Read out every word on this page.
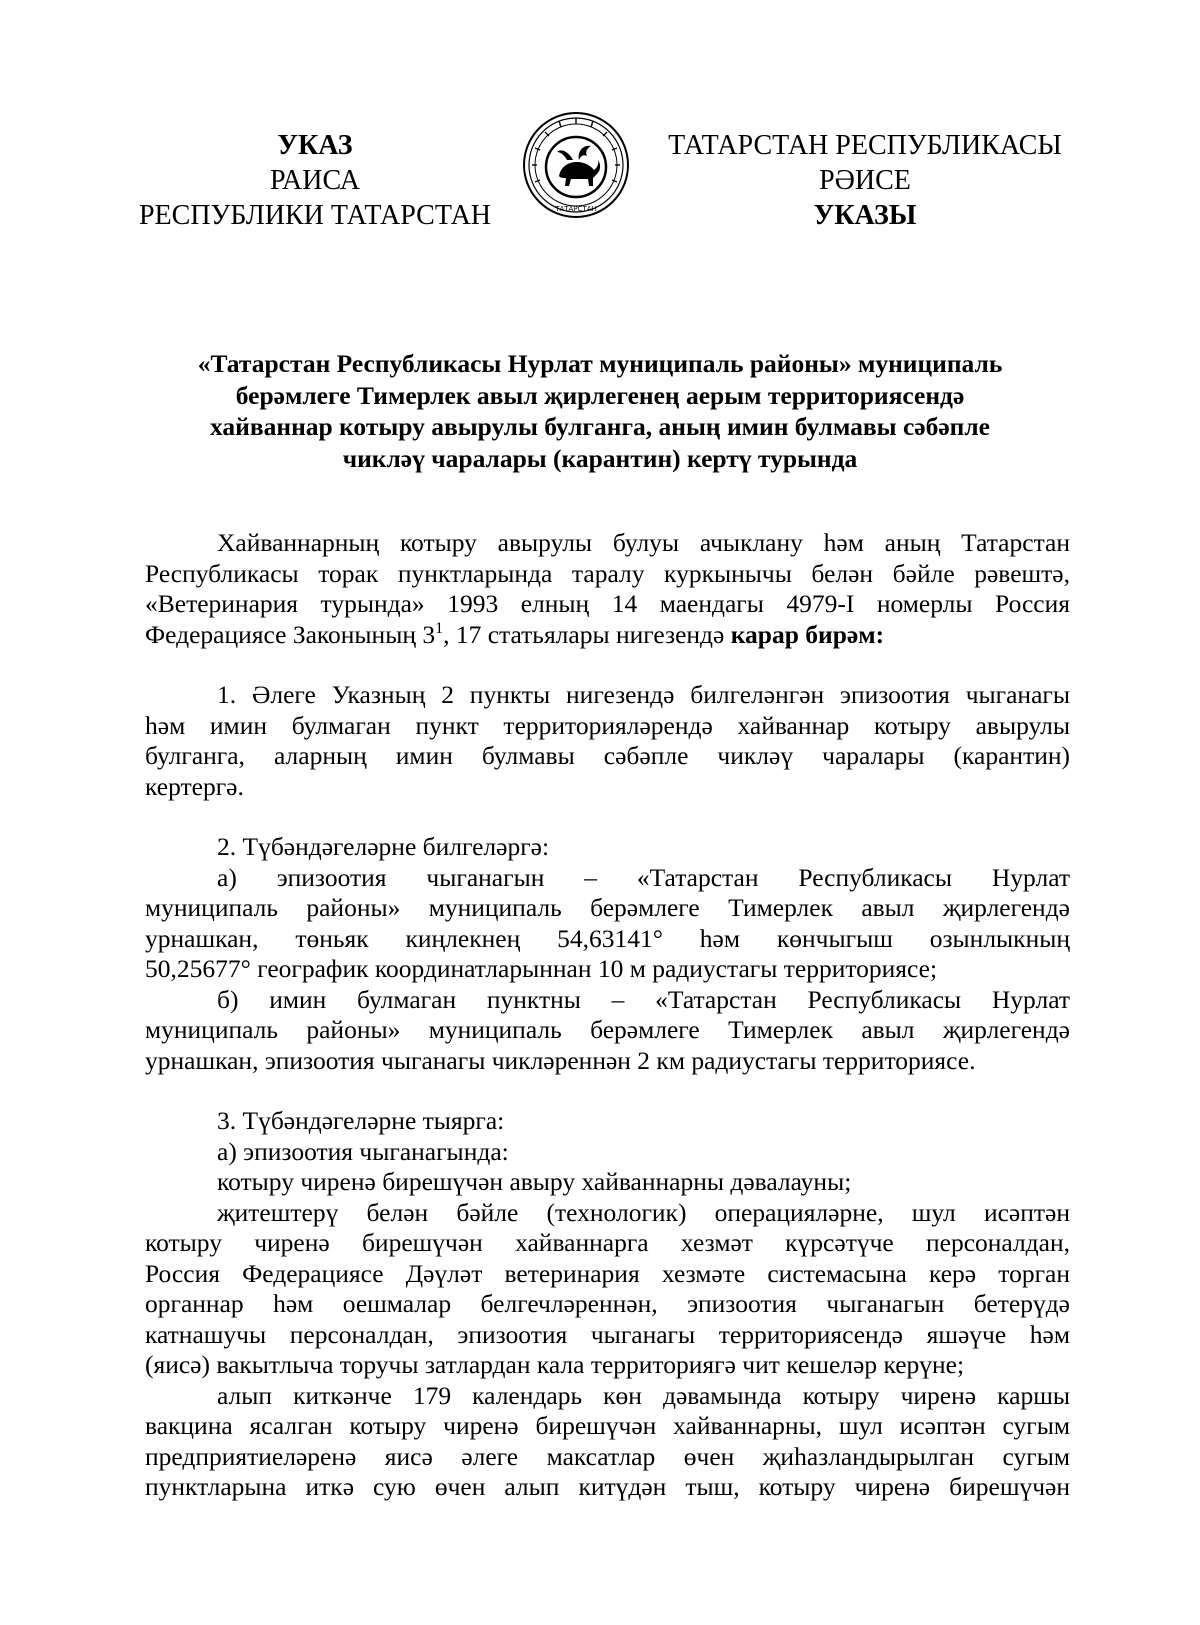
УКАЗ
РАИСА
РЕСПУБЛИКИ ТАТАРСТАН	ТАТАРСТАН
ТАТАРСТАН РЕСПУБЛИКАСЫ
РӘИСЕ
УКАЗЫ
«Татарстан Республикасы Нурлат муниципаль районы» муниципаль
берәмлеге Тимерлек авыл җирлегенең аерым территориясендә
хайваннар котыру авырулы булганга, аның имин булмавы сәбәпле
чикләү чаралары (карантин) кертү турында
Хайваннарның котыру авырулы булуы ачыклану һәм аның Татарстан
Республикасы торак пунктларында таралу куркынычы белән бәйле рәвештә,
«Ветеринария турында» 1993 елның 14 маендагы 4979-I номерлы Россия
Федерациясе Законының $3^1$, 17 статьялары нигезендә карар бирәм:
1. Әлеге Указның 2 пункты нигезендә билгеләнгән эпизоотия чыганагы
һәм имин булмаган пункт территорияләрендә хайваннар котыру авырулы
булганга, аларның имин булмавы сәбәпле чикләү чаралары (карантин)
кертергә.
2. Түбәндәгеләрне билгеләргә:
а) эпизоотия чыганагын – «Татарстан Республикасы Нурлат
муниципаль районы» муниципаль берәмлеге Тимерлек авыл җирлегендә
урнашкан, төньяк киңлекнең 54,63141° һәм көнчыгыш озынлыкның
50,25677° географик координатларыннан 10 м радиустагы территориясе;
б) имин булмаган пунктны – «Татарстан Республикасы Нурлат
муниципаль районы» муниципаль берәмлеге Тимерлек авыл җирлегендә
урнашкан, эпизоотия чыганагы чикләреннән 2 км радиустагы территориясе.
3. Түбәндәгеләрне тыярга:
а) эпизоотия чыганагында:
котыру чиренә бирешүчән авыру хайваннарны дәвалауны;
җитештерү белән бәйле (технологик) операцияләрне, шул исәптән
котыру чиренә бирешүчән хайваннарга хезмәт күрсәтүче персоналдан,
Россия Федерациясе Дәүләт ветеринария хезмәте системасына керә торган
органнар һәм оешмалар белгечләреннән, эпизоотия чыганагын бетерүдә
катнашучы персоналдан, эпизоотия чыганагы территориясендә яшәүче һәм
(яисә) вакытлыча торучы затлардан кала территориягә чит кешеләр керүне;
алып киткәнче 179 календарь көн дәвамында котыру чиренә каршы
вакцина ясалган котыру чиренә бирешүчән хайваннарны, шул исәптән сугым
предприятиеләренә яисә әлеге максатлар өчен җиһазландырылган сугым
пунктларына иткә сую өчен алып китүдән тыш, котыру чиренә бирешүчән
